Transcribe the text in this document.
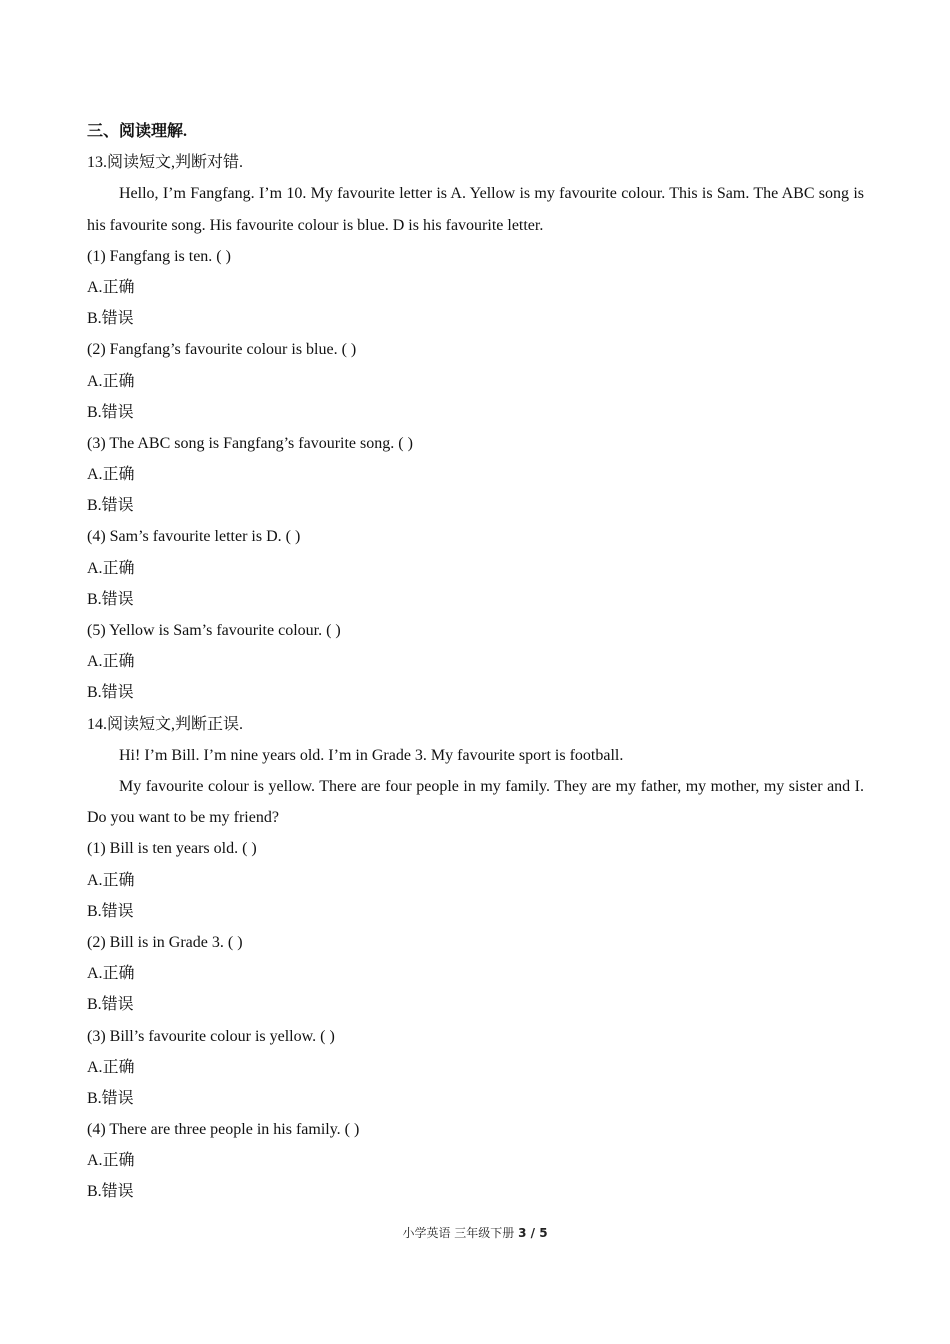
三、阅读理解.
13.阅读短文,判断对错.
Hello, I’m Fangfang. I’m 10. My favourite letter is A. Yellow is my favourite colour. This is Sam. The ABC song is his favourite song. His favourite colour is blue. D is his favourite letter.
(1) Fangfang is ten. ( )
A.正确
B.错误
(2) Fangfang’s favourite colour is blue. ( )
A.正确
B.错误
(3) The ABC song is Fangfang’s favourite song. ( )
A.正确
B.错误
(4) Sam’s favourite letter is D. ( )
A.正确
B.错误
(5) Yellow is Sam’s favourite colour. ( )
A.正确
B.错误
14.阅读短文,判断正误.
Hi! I’m Bill. I’m nine years old. I’m in Grade 3. My favourite sport is football.
My favourite colour is yellow. There are four people in my family. They are my father, my mother, my sister and I. Do you want to be my friend?
(1) Bill is ten years old. ( )
A.正确
B.错误
(2) Bill is in Grade 3. ( )
A.正确
B.错误
(3) Bill’s favourite colour is yellow. ( )
A.正确
B.错误
(4) There are three people in his family. ( )
A.正确
B.错误
小学英语 三年级下册 3 / 5
